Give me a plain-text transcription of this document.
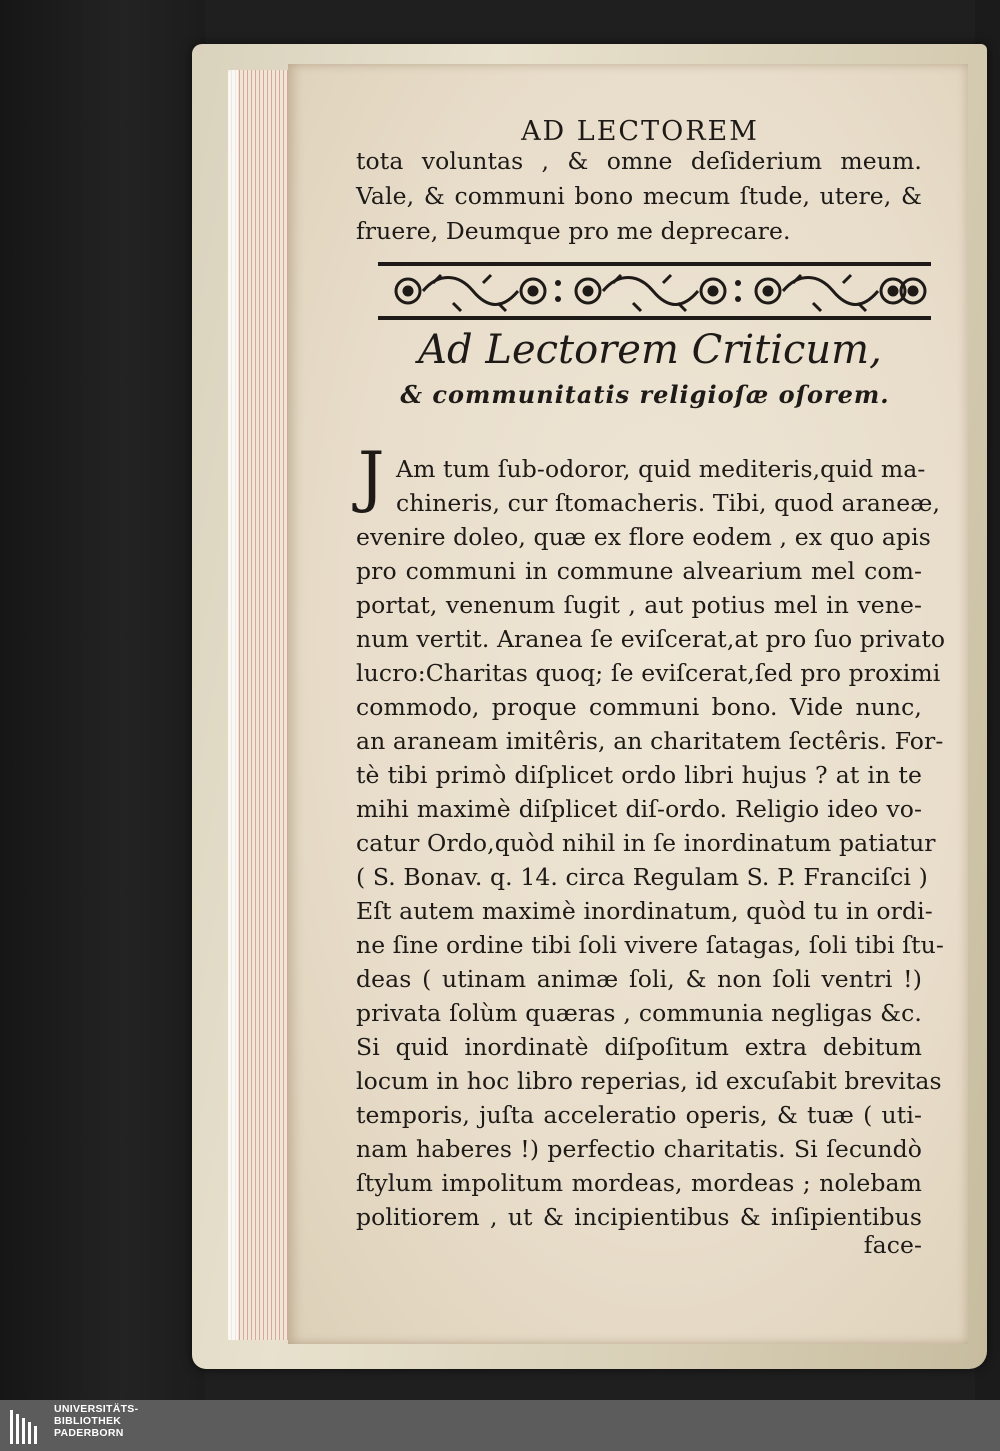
AD LECTOREM
tota voluntas , & omne deſiderium meum.
Vale, & communi bono mecum ſtude, utere, &
fruere, Deumque pro me deprecare.
Ad Lectorem Criticum,
& communitatis religioſæ oſorem.
J Am tum ſub-odoror, quid mediteris,quid ma-
chineris, cur ſtomacheris. Tibi, quod araneæ,
evenire doleo, quæ ex flore eodem , ex quo apis
pro communi in commune alvearium mel com-
portat, venenum ſugit , aut potius mel in vene-
num vertit. Aranea ſe eviſcerat,at pro ſuo privato
lucro:Charitas quoq; ſe eviſcerat,ſed pro proximi
commodo, proque communi bono. Vide nunc,
an araneam imitêris, an charitatem ſectêris. For-
tè tibi primò diſplicet ordo libri hujus ? at in te
mihi maximè diſplicet diſ-ordo. Religio ideo vo-
catur Ordo,quòd nihil in ſe inordinatum patiatur
( S. Bonav. q. 14. circa Regulam S. P. Franciſci )
Eſt autem maximè inordinatum, quòd tu in ordi-
ne ſine ordine tibi ſoli vivere ſatagas, ſoli tibi ſtu-
deas ( utinam animæ ſoli, & non ſoli ventri !)
privata ſolùm quæras , communia negligas &c.
Si quid inordinatè diſpoſitum extra debitum
locum in hoc libro reperias, id excuſabit brevitas
temporis, juſta acceleratio operis, & tuæ ( uti-
nam haberes !) perfectio charitatis. Si ſecundò
ſtylum impolitum mordeas, mordeas ; nolebam
politiorem , ut & incipientibus & inſipientibus
face-
UNIVERSITÄTS-
BIBLIOTHEK
PADERBORN
